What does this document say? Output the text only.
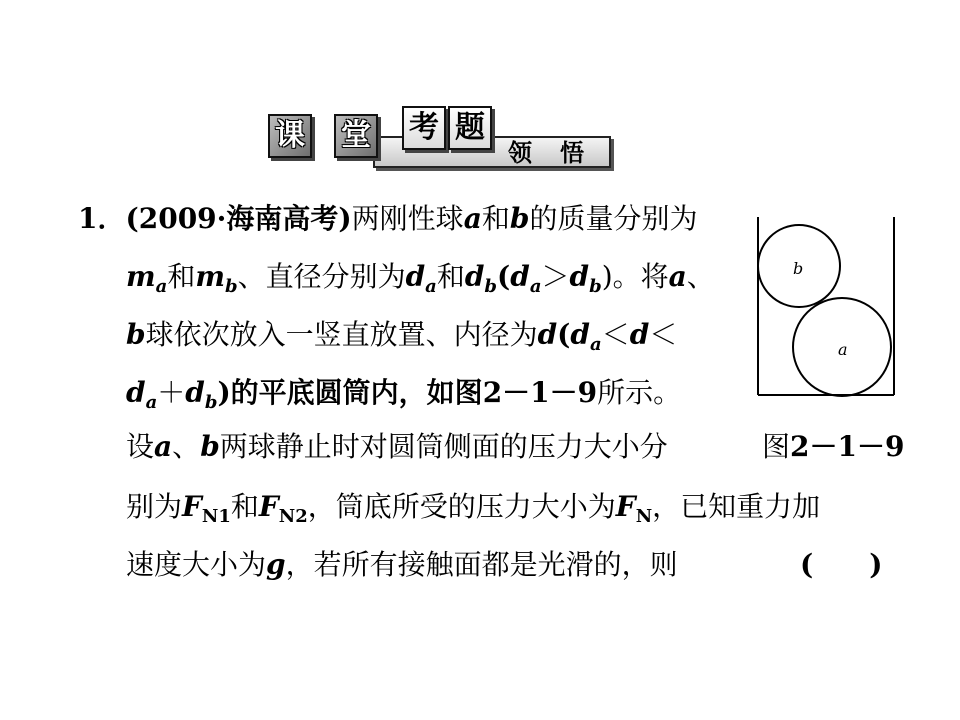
课 堂 考 题
领 悟
1．(2009·海南高考)两刚性球a和b的质量分别为
$m_a$和$m_b$、直径分别为$d_a$和$d_b(d_a>d_b)$。将a、
b球依次放入一竖直放置、内径为$d(d_a<d<$
$d_a+d_b$)的平底圆筒内，如图2－1－9所示。
设a、b两球静止时对圆筒侧面的压力大小分	图2－1－9
别为$F_{N1}$和$F_{N2}$，筒底所受的压力大小为$F_N$，已知重力加
速度大小为g，若所有接触面都是光滑的，则	(　　)
b
a
